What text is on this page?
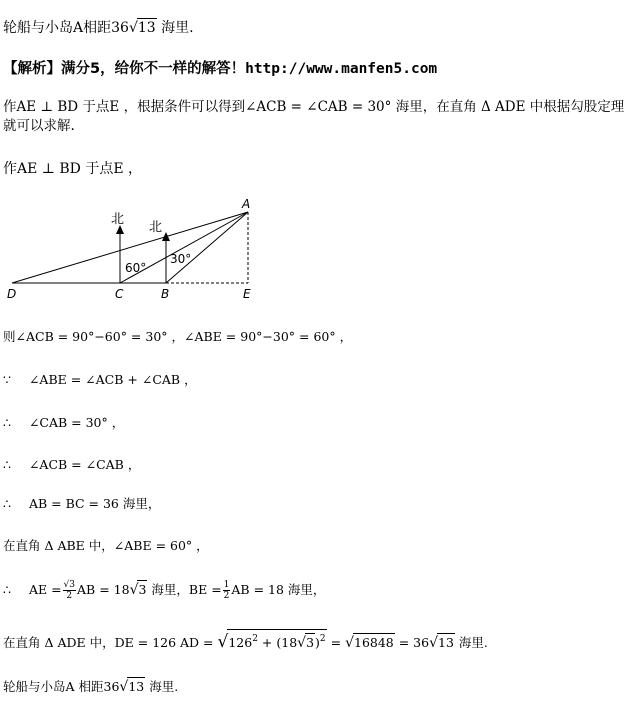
轮船与小岛A相距36√13 海里.
【解析】满分5，给你不一样的解答！http://www.manfen5.com
作AE ⊥ BD 于点E ，根据条件可以得到∠ACB = ∠CAB = 30° 海里，在直角 Δ ADE 中根据勾股定理就可以求解.
作AE ⊥ BD 于点E ，
北
北
60°
30°
A
D	C	B	E
则∠ACB = 90°−60° = 30° ，∠ABE = 90°−30° = 60° ，
∵ ∠ABE = ∠ACB + ∠CAB ，
∴ ∠CAB = 30° ，
∴ ∠ACB = ∠CAB ，
∴ AB = BC = 36 海里，
在直角 Δ ABE 中，∠ABE = 60° ，
∴ AE = $\frac{√3}{2}$ AB = 18√3 海里，BE = $\frac{1}{2}$ AB = 18 海里，
在直角 Δ ADE 中，DE = 126 AD = $√126^2 + (18√3)^2 = √16848 = 36√13$ 海里.
轮船与小岛A 相距36√13 海里.
